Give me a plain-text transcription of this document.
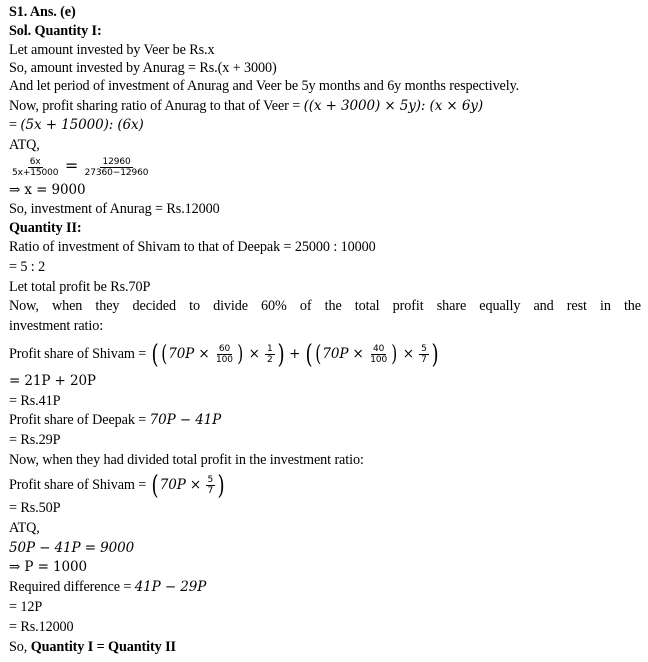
S1. Ans. (e)
Sol. Quantity I:
Let amount invested by Veer be Rs.x
So, amount invested by Anurag = Rs.(x + 3000)
And let period of investment of Anurag and Veer be 5y months and 6y months respectively.
Now, profit sharing ratio of Anurag to that of Veer = ((x + 3000) × 5y): (x × 6y)
= (5x + 15000): (6x)
ATQ,
$\frac{6x}{5x+15000} = \frac{12960}{27360-12960}$
⇒ x = 9000
So, investment of Anurag = Rs.12000
Quantity II:
Ratio of investment of Shivam to that of Deepak = 25000 : 10000
= 5 : 2
Let total profit be Rs.70P
Now, when they decided to divide 60% of the total profit share equally and rest in the
investment ratio:
Profit share of Shivam = ( ($70P \times \frac{60}{100}$ ) × $\frac{1}{2}$ ) + ( ($70P \times \frac{40}{100}$ ) × $\frac{5}{7}$ )
= 21P + 20P
= Rs.41P
Profit share of Deepak = 70P − 41P
= Rs.29P
Now, when they had divided total profit in the investment ratio:
Profit share of Shivam = ( $70P \times \frac{5}{7}$ )
= Rs.50P
ATQ,
50P − 41P = 9000
⇒ P = 1000
Required difference = 41P − 29P
= 12P
= Rs.12000
So, Quantity I = Quantity II
